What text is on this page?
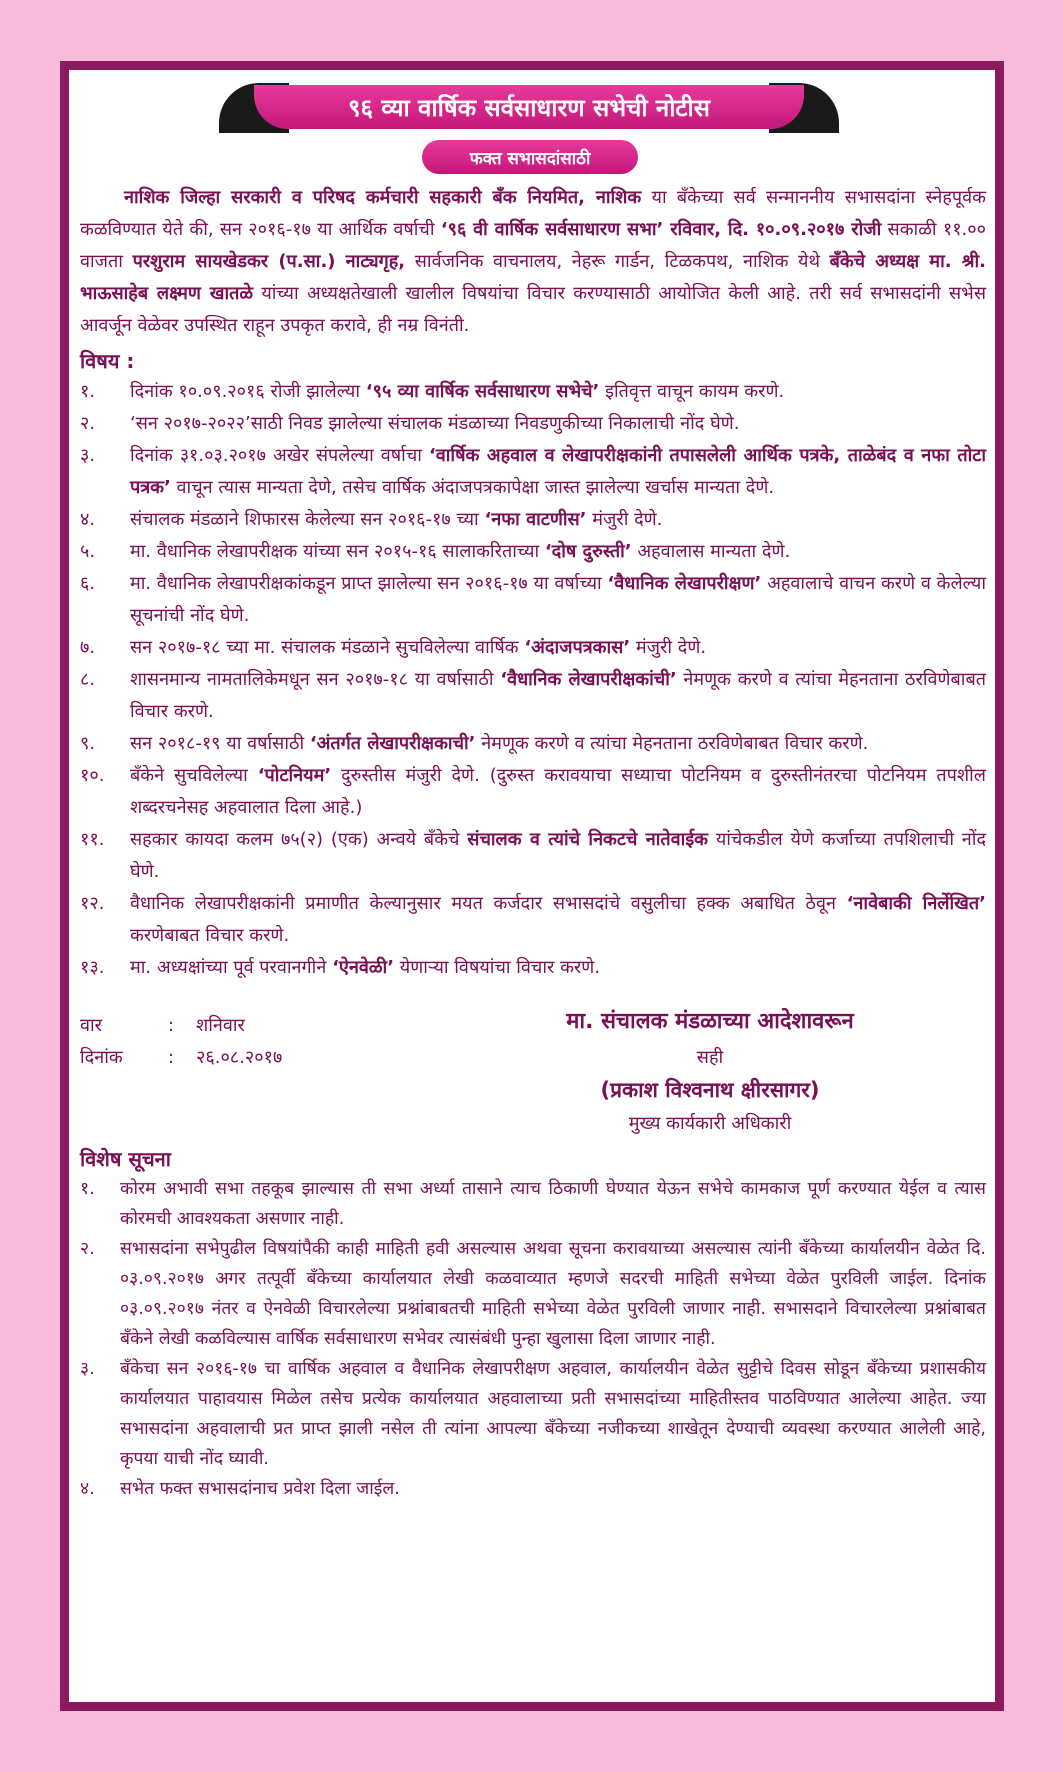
९६ व्या वार्षिक सर्वसाधारण सभेची नोटीस
फक्त सभासदांसाठी

नाशिक जिल्हा सरकारी व परिषद कर्मचारी सहकारी बँक नियमित, नाशिक या बँकेच्या सर्व सन्माननीय सभासदांना स्नेहपूर्वक कळविण्यात येते की, सन २०१६-१७ या आर्थिक वर्षाची ‘९६ वी वार्षिक सर्वसाधारण सभा’ रविवार, दि. १०.०९.२०१७ रोजी सकाळी ११.०० वाजता परशुराम सायखेडकर (प.सा.) नाट्यगृह, सार्वजनिक वाचनालय, नेहरू गार्डन, टिळकपथ, नाशिक येथे बँकेचे अध्यक्ष मा. श्री. भाऊसाहेब लक्ष्मण खातळे यांच्या अध्यक्षतेखाली खालील विषयांचा विचार करण्यासाठी आयोजित केली आहे. तरी सर्व सभासदांनी सभेस आवर्जून वेळेवर उपस्थित राहून उपकृत करावे, ही नम्र विनंती.

विषय :
१.	दिनांक १०.०९.२०१६ रोजी झालेल्या ‘९५ व्या वार्षिक सर्वसाधारण सभेचे’ इतिवृत्त वाचून कायम करणे.
२.	‘सन २०१७-२०२२’साठी निवड झालेल्या संचालक मंडळाच्या निवडणुकीच्या निकालाची नोंद घेणे.
३.	दिनांक ३१.०३.२०१७ अखेर संपलेल्या वर्षाचा ‘वार्षिक अहवाल व लेखापरीक्षकांनी तपासलेली आर्थिक पत्रके, ताळेबंद व नफा तोटा पत्रक’ वाचून त्यास मान्यता देणे, तसेच वार्षिक अंदाजपत्रकापेक्षा जास्त झालेल्या खर्चास मान्यता देणे.
४.	संचालक मंडळाने शिफारस केलेल्या सन २०१६-१७ च्या ‘नफा वाटणीस’ मंजुरी देणे.
५.	मा. वैधानिक लेखापरीक्षक यांच्या सन २०१५-१६ सालाकरिताच्या ‘दोष दुरुस्ती’ अहवालास मान्यता देणे.
६.	मा. वैधानिक लेखापरीक्षकांकडून प्राप्त झालेल्या सन २०१६-१७ या वर्षाच्या ‘वैधानिक लेखापरीक्षण’ अहवालाचे वाचन करणे व केलेल्या सूचनांची नोंद घेणे.
७.	सन २०१७-१८ च्या मा. संचालक मंडळाने सुचविलेल्या वार्षिक ‘अंदाजपत्रकास’ मंजुरी देणे.
८.	शासनमान्य नामतालिकेमधून सन २०१७-१८ या वर्षासाठी ‘वैधानिक लेखापरीक्षकांची’ नेमणूक करणे व त्यांचा मेहनताना ठरविणेबाबत विचार करणे.
९.	सन २०१८-१९ या वर्षासाठी ‘अंतर्गत लेखापरीक्षकाची’ नेमणूक करणे व त्यांचा मेहनताना ठरविणेबाबत विचार करणे.
१०.	बँकेने सुचविलेल्या ‘पोटनियम’ दुरुस्तीस मंजुरी देणे. (दुरुस्त करावयाचा सध्याचा पोटनियम व दुरुस्तीनंतरचा पोटनियम तपशील शब्दरचनेसह अहवालात दिला आहे.)
११.	सहकार कायदा कलम ७५(२) (एक) अन्वये बँकेचे संचालक व त्यांचे निकटचे नातेवाईक यांचेकडील येणे कर्जाच्या तपशिलाची नोंद घेणे.
१२.	वैधानिक लेखापरीक्षकांनी प्रमाणीत केल्यानुसार मयत कर्जदार सभासदांचे वसुलीचा हक्क अबाधित ठेवून ‘नावेबाकी निर्लेखित’ करणेबाबत विचार करणे.
१३.	मा. अध्यक्षांच्या पूर्व परवानगीने ‘ऐनवेळी’ येणाऱ्या विषयांचा विचार करणे.
वार	: शनिवार
दिनांक	: २६.०८.२०१७
मा. संचालक मंडळाच्या आदेशावरून
सही
(प्रकाश विश्वनाथ क्षीरसागर)
मुख्य कार्यकारी अधिकारी
विशेष सूचना
१.	कोरम अभावी सभा तहकूब झाल्यास ती सभा अर्ध्या तासाने त्याच ठिकाणी घेण्यात येऊन सभेचे कामकाज पूर्ण करण्यात येईल व त्यास कोरमची आवश्यकता असणार नाही.
२.	सभासदांना सभेपुढील विषयांपैकी काही माहिती हवी असल्यास अथवा सूचना करावयाच्या असल्यास त्यांनी बँकेच्या कार्यालयीन वेळेत दि. ०३.०९.२०१७ अगर तत्पूर्वी बँकेच्या कार्यालयात लेखी कळवाव्यात म्हणजे सदरची माहिती सभेच्या वेळेत पुरविली जाईल. दिनांक ०३.०९.२०१७ नंतर व ऐनवेळी विचारलेल्या प्रश्नांबाबतची माहिती सभेच्या वेळेत पुरविली जाणार नाही. सभासदाने विचारलेल्या प्रश्नांबाबत बँकेने लेखी कळविल्यास वार्षिक सर्वसाधारण सभेवर त्यासंबंधी पुन्हा खुलासा दिला जाणार नाही.
३.	बँकेचा सन २०१६-१७ चा वार्षिक अहवाल व वैधानिक लेखापरीक्षण अहवाल, कार्यालयीन वेळेत सुट्टीचे दिवस सोडून बँकेच्या प्रशासकीय कार्यालयात पाहावयास मिळेल तसेच प्रत्येक कार्यालयात अहवालाच्या प्रती सभासदांच्या माहितीस्तव पाठविण्यात आलेल्या आहेत. ज्या सभासदांना अहवालाची प्रत प्राप्त झाली नसेल ती त्यांना आपल्या बँकेच्या नजीकच्या शाखेतून देण्याची व्यवस्था करण्यात आलेली आहे, कृपया याची नोंद घ्यावी.
४.	सभेत फक्त सभासदांनाच प्रवेश दिला जाईल.
